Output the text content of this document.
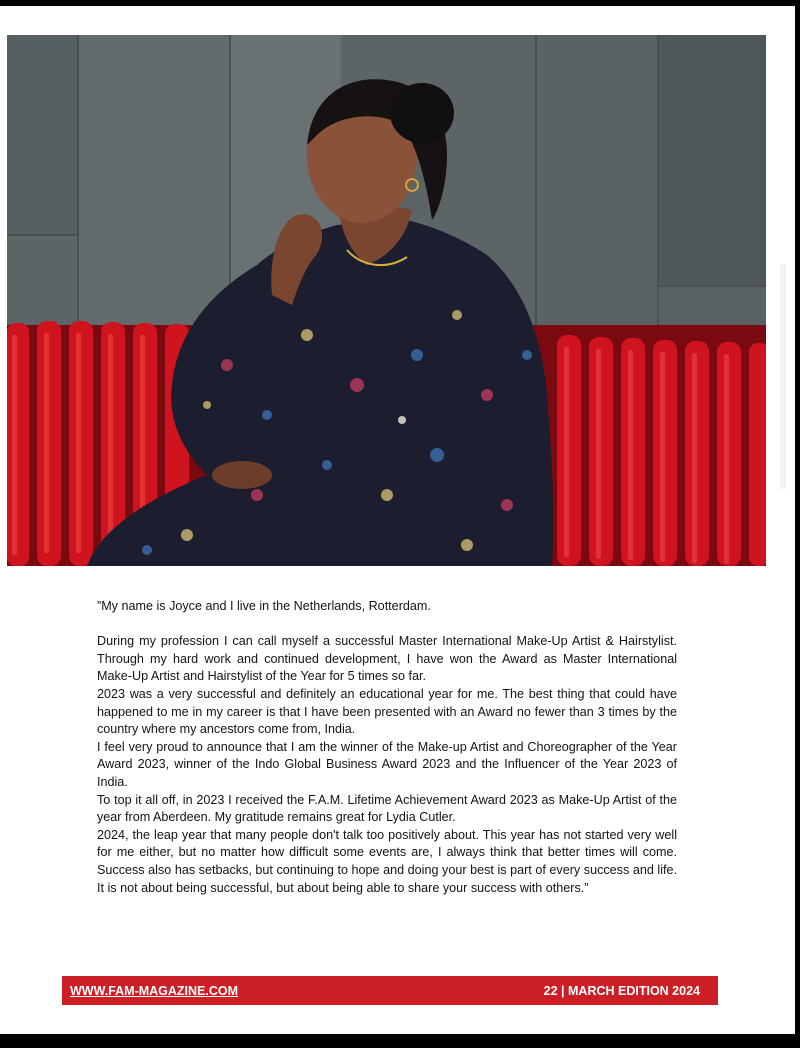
”My name is Joyce and I live in the Netherlands, Rotterdam.

During my profession I can call myself a successful Master International Make-Up Artist & Hairstylist. Through my hard work and continued development, I have won the Award as Master International Make-Up Artist and Hairstylist of the Year for 5 times so far.

2023 was a very successful and definitely an educational year for me. The best thing that could have happened to me in my career is that I have been presented with an Award no fewer than 3 times by the country where my ancestors come from, India.

I feel very proud to announce that I am the winner of the Make-up Artist and Choreographer of the Year Award 2023, winner of the Indo Global Business Award 2023 and the Influencer of the Year 2023 of India.

To top it all off, in 2023 I received the F.A.M. Lifetime Achievement Award 2023 as Make-Up Artist of the year from Aberdeen. My gratitude remains great for Lydia Cutler.

2024, the leap year that many people don't talk too positively about. This year has not started very well for me either, but no matter how difficult some events are, I always think that better times will come. Success also has setbacks, but continuing to hope and doing your best is part of every success and life. It is not about being successful, but about being able to share your success with others.”

WWW.FAM-MAGAZINE.COM	22 | MARCH EDITION 2024
